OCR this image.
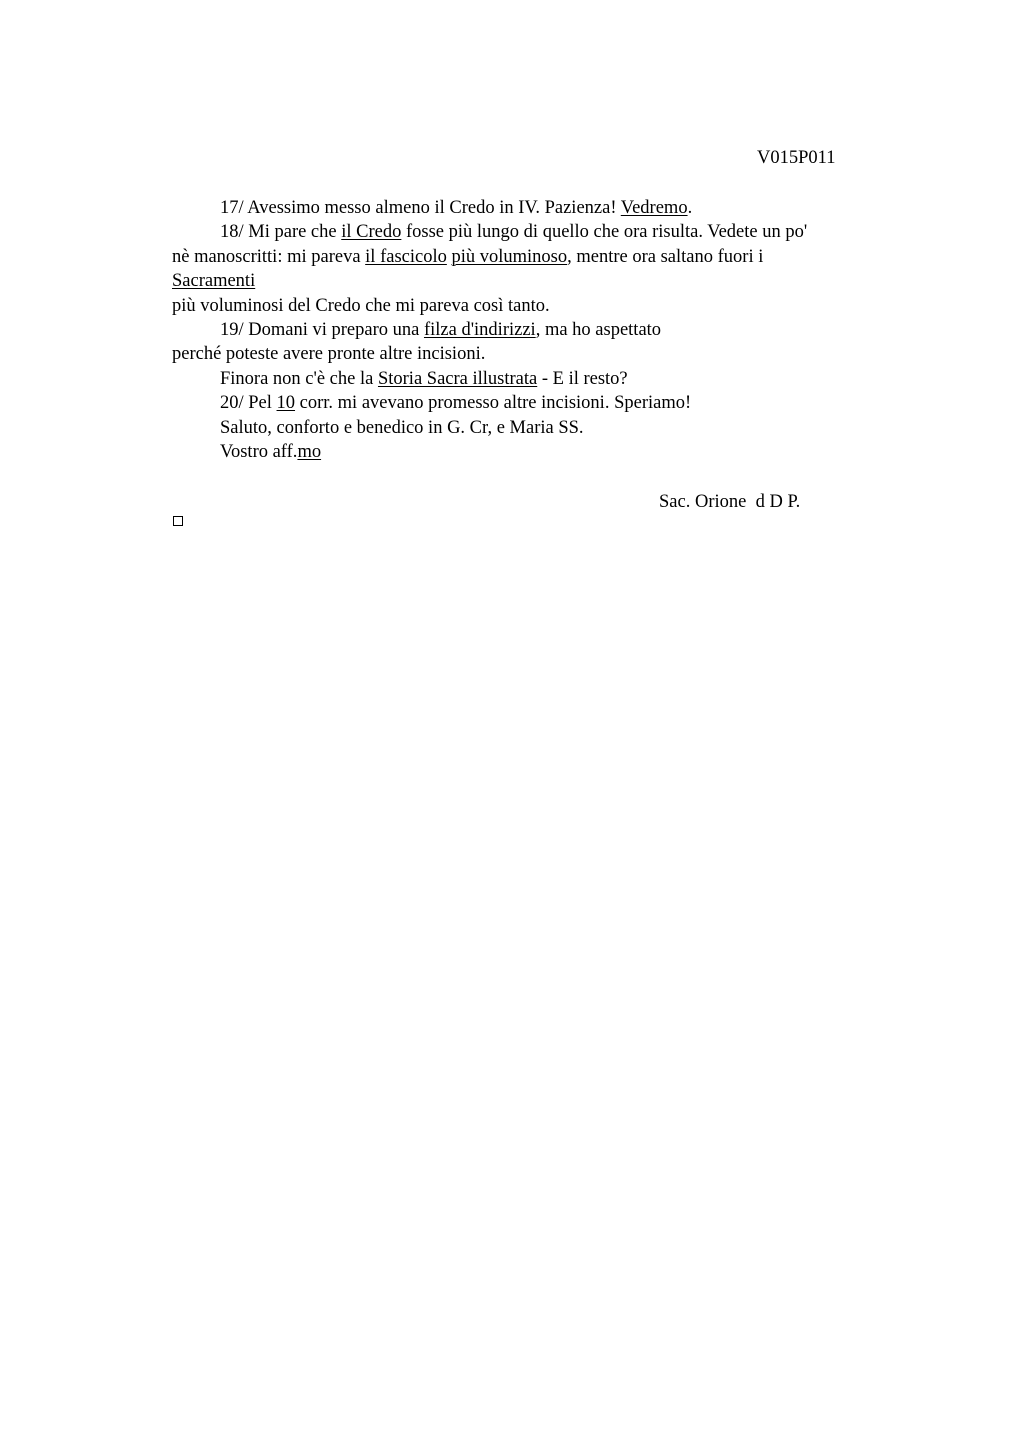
V015P011
17/ Avessimo messo almeno il Credo in IV. Pazienza! Vedremo.
18/ Mi pare che il Credo fosse più lungo di quello che ora risulta. Vedete un po'
nè manoscritti: mi pareva il fascicolo più voluminoso, mentre ora saltano fuori i
Sacramenti
più voluminosi del Credo che mi pareva così tanto.
19/ Domani vi preparo una filza d'indirizzi, ma ho aspettato
perché poteste avere pronte altre incisioni.
Finora non c'è che la Storia Sacra illustrata - E il resto?
20/ Pel 10 corr. mi avevano promesso altre incisioni. Speriamo!
Saluto, conforto e benedico in G. Cr, e Maria SS.
Vostro aff.mo
Sac. Orione  d D P.
